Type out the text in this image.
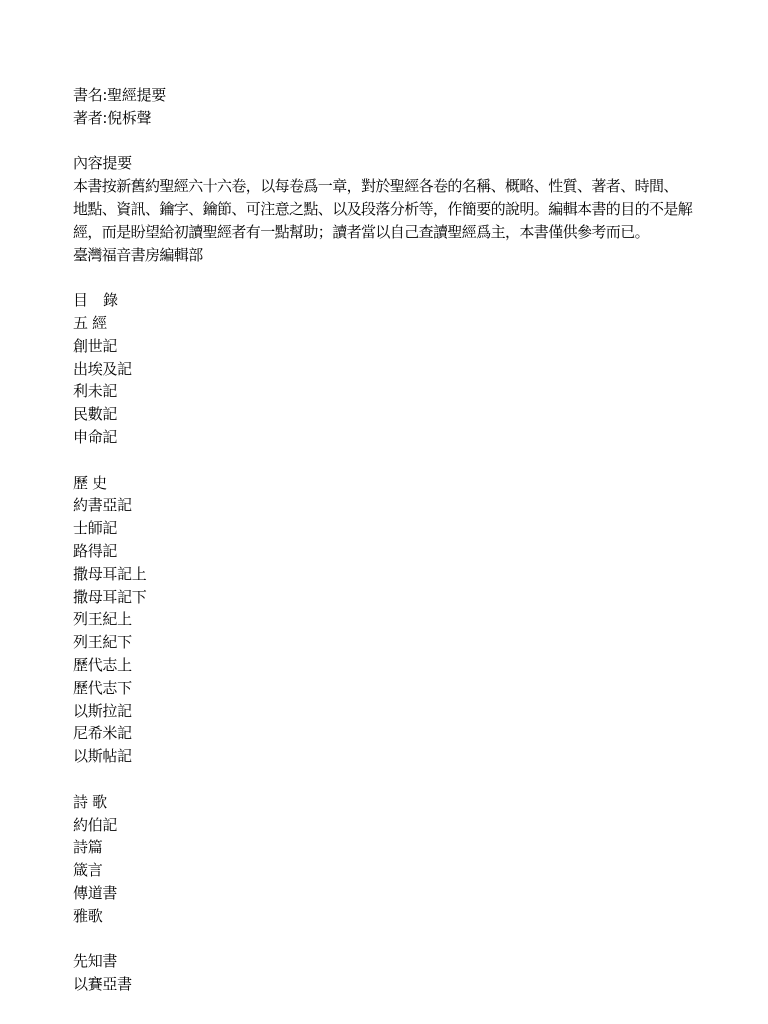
書名:聖經提要
著者:倪柝聲
內容提要
本書按新舊約聖經六十六卷，以每卷爲一章，對於聖經各卷的名稱、概略、性質、著者、時間、
地點、資訊、鑰字、鑰節、可注意之點、以及段落分析等，作簡要的說明。編輯本書的目的不是解
經，而是盼望給初讀聖經者有一點幫助；讀者當以自己查讀聖經爲主，本書僅供參考而已。
臺灣福音書房編輯部
目　錄
五 經
創世記
出埃及記
利未記
民數記
申命記
歷 史
約書亞記
士師記
路得記
撒母耳記上
撒母耳記下
列王紀上
列王紀下
歷代志上
歷代志下
以斯拉記
尼希米記
以斯帖記
詩 歌
約伯記
詩篇
箴言
傳道書
雅歌
先知書
以賽亞書
